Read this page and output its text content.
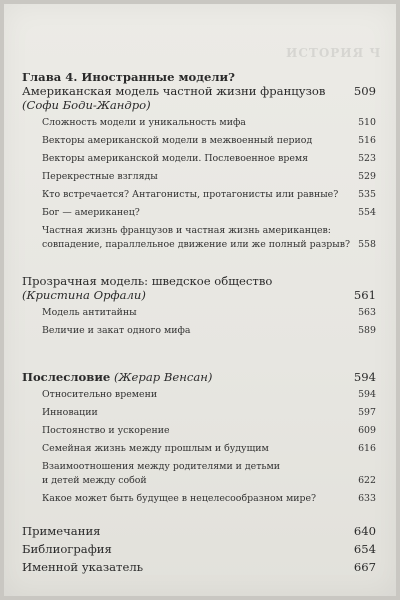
ИСТОРИЯ Ч
Глава 4. Иностранные модели?
Американская модель частной жизни французов	509
(Софи Боди-Жандро)
Сложность модели и уникальность мифа	510
Векторы американской модели в межвоенный период	516
Векторы американской модели. Послевоенное время	523
Перекрестные взгляды	529
Кто встречается? Антагонисты, протагонисты или равные?	535
Бог — американец?	554
Частная жизнь французов и частная жизнь американцев:
совпадение, параллельное движение или же полный разрыв? 558
Прозрачная модель: шведское общество
(Кристина Орфали)	561
Модель антитайны	563
Величие и закат одного мифа	589
Послесловие (Жерар Венсан)	594
Относительно времени	594
Инновации	597
Постоянство и ускорение	609
Семейная жизнь между прошлым и будущим	616
Взаимоотношения между родителями и детьми
и детей между собой	622
Какое может быть будущее в нецелесообразном мире?	633
Примечания	640
Библиография	654
Именной указатель	667
